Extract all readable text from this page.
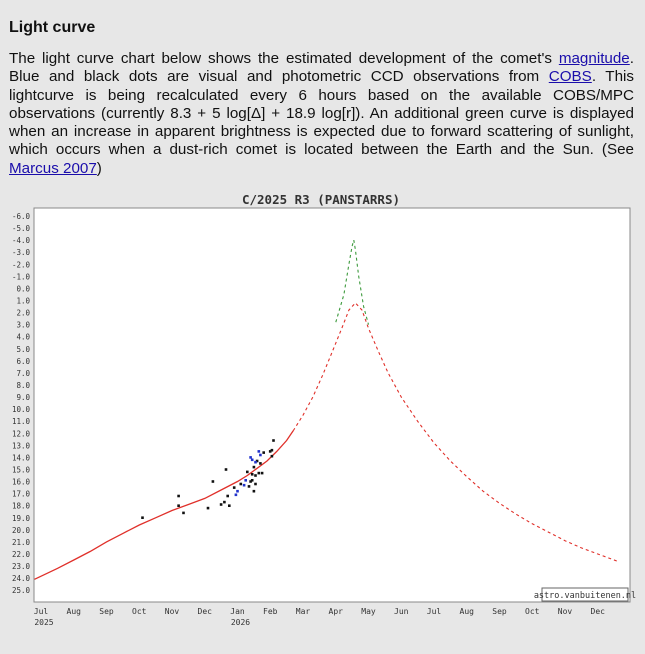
Light curve

The light curve chart below shows the estimated development of the comet's magnitude. Blue and black dots are visual and photometric CCD observations from COBS. This lightcurve is being recalculated every 6 hours based on the available COBS/MPC observations (currently 8.3 + 5 log[Δ] + 18.9 log[r]). An additional green curve is displayed when an increase in apparent brightness is expected due to forward scattering of sunlight, which occurs when a dust-rich comet is located between the Earth and the Sun. (See Marcus 2007)

C/2025 R3 (PANSTARRS)
-6.0
-5.0
-4.0
-3.0
-2.0
-1.0
0.0
1.0
2.0
3.0
4.0
5.0
6.0
7.0
8.0
9.0
10.0
11.0
12.0
13.0
14.0
15.0
16.0
17.0
18.0
19.0
20.0
21.0
22.0
23.0
24.0
25.0
Jul
2025
Aug Sep Oct Nov Dec Jan
2026
Feb Mar Apr May Jun Jul Aug Sep Oct Nov Dec
astro.vanbuitenen.nl
